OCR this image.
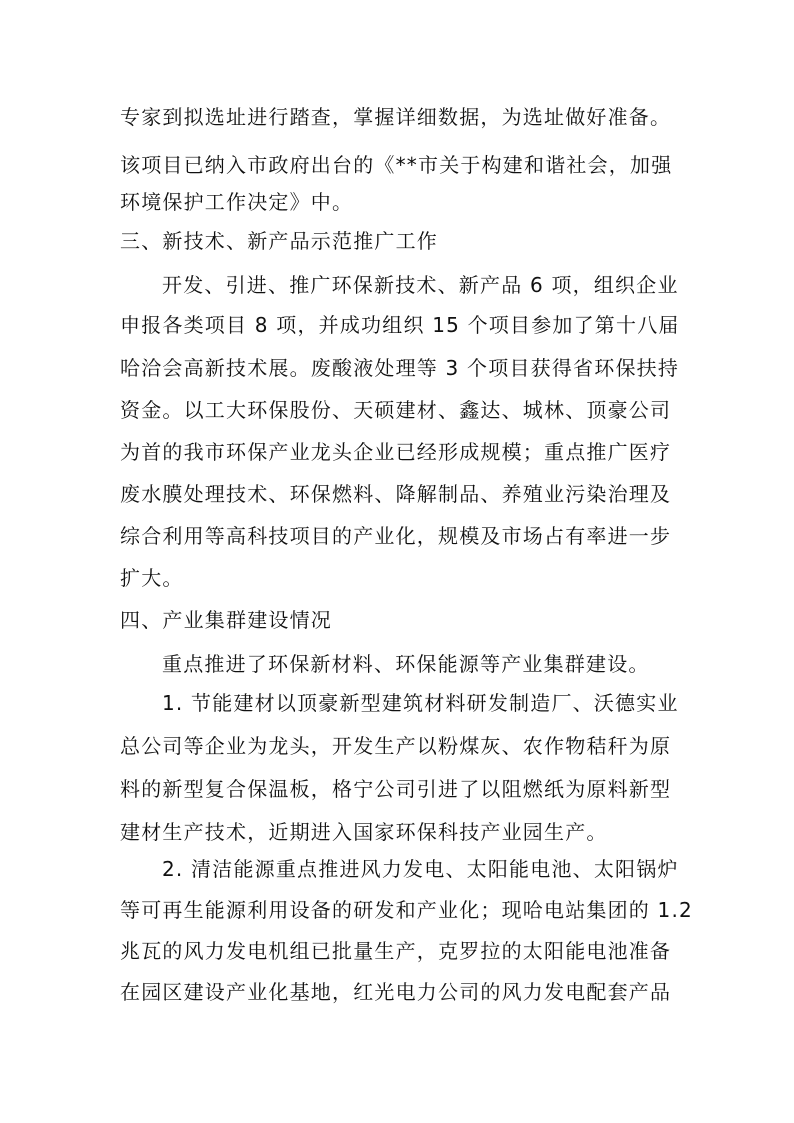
专家到拟选址进行踏查，掌握详细数据，为选址做好准备。
该项目已纳入市政府出台的《**市关于构建和谐社会，加强
环境保护工作决定》中。
三、新技术、新产品示范推广工作
开发、引进、推广环保新技术、新产品 6 项，组织企业
申报各类项目 8 项，并成功组织 15 个项目参加了第十八届
哈洽会高新技术展。废酸液处理等 3 个项目获得省环保扶持
资金。以工大环保股份、天硕建材、鑫达、城林、顶豪公司
为首的我市环保产业龙头企业已经形成规模；重点推广医疗
废水膜处理技术、环保燃料、降解制品、养殖业污染治理及
综合利用等高科技项目的产业化，规模及市场占有率进一步
扩大。
四、产业集群建设情况
重点推进了环保新材料、环保能源等产业集群建设。
1. 节能建材以顶豪新型建筑材料研发制造厂、沃德实业
总公司等企业为龙头，开发生产以粉煤灰、农作物秸秆为原
料的新型复合保温板，格宁公司引进了以阻燃纸为原料新型
建材生产技术，近期进入国家环保科技产业园生产。
2. 清洁能源重点推进风力发电、太阳能电池、太阳锅炉
等可再生能源利用设备的研发和产业化；现哈电站集团的 1.2
兆瓦的风力发电机组已批量生产，克罗拉的太阳能电池准备
在园区建设产业化基地，红光电力公司的风力发电配套产品
